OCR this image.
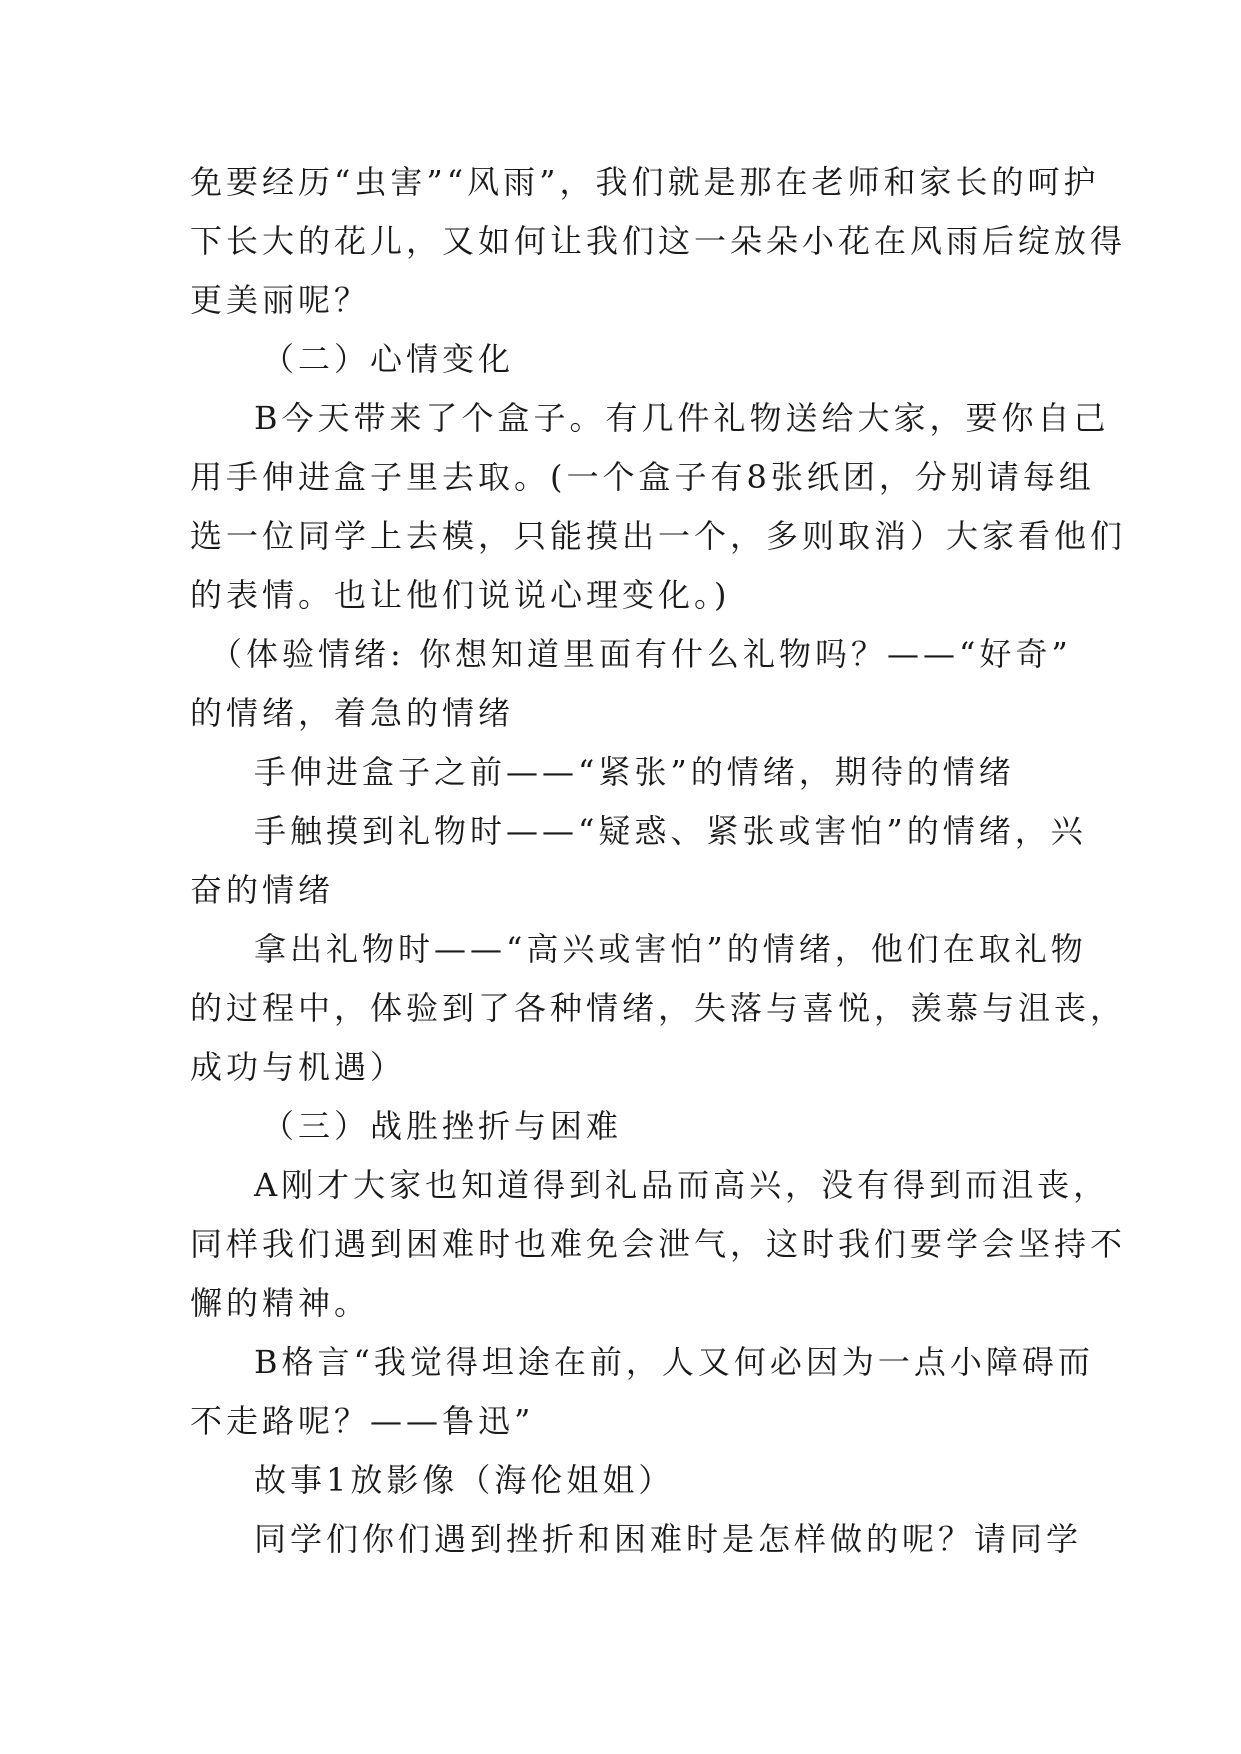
免要经历“虫害”“风雨”，我们就是那在老师和家长的呵护
下长大的花儿，又如何让我们这一朵朵小花在风雨后绽放得
更美丽呢？
（二）心情变化
B今天带来了个盒子。有几件礼物送给大家，要你自己
用手伸进盒子里去取。(一个盒子有8张纸团，分别请每组
选一位同学上去模，只能摸出一个，多则取消）大家看他们
的表情。也让他们说说心理变化。)
（体验情绪: 你想知道里面有什么礼物吗？——“好奇”
的情绪，着急的情绪
手伸进盒子之前——“紧张”的情绪，期待的情绪
手触摸到礼物时——“疑惑、紧张或害怕”的情绪，兴
奋的情绪
拿出礼物时——“高兴或害怕”的情绪，他们在取礼物
的过程中，体验到了各种情绪，失落与喜悦，羡慕与沮丧，
成功与机遇）
（三）战胜挫折与困难
A刚才大家也知道得到礼品而高兴，没有得到而沮丧，
同样我们遇到困难时也难免会泄气，这时我们要学会坚持不
懈的精神。
B格言“我觉得坦途在前，人又何必因为一点小障碍而
不走路呢？——鲁迅”
故事1放影像（海伦姐姐）
同学们你们遇到挫折和困难时是怎样做的呢？请同学
